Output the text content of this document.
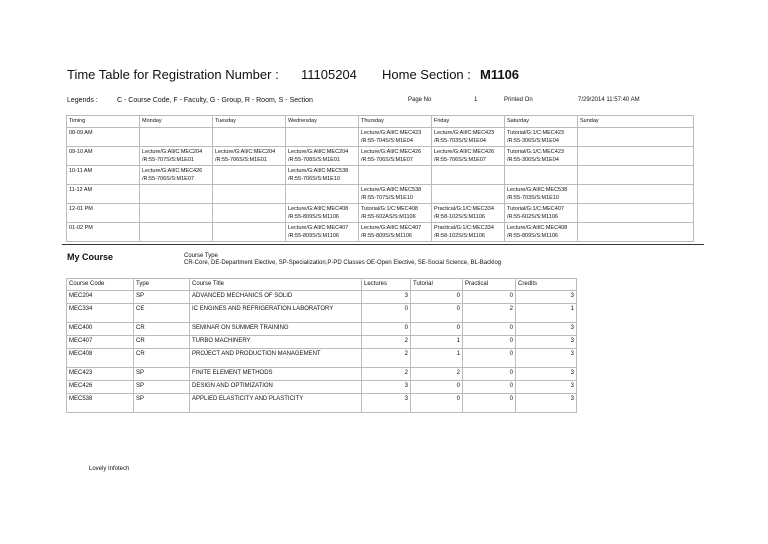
Time Table for Registration Number : 11105204 Home Section : M1106
Legends :	C - Course Code, F - Faculty, G - Group, R - Room, S - Section	Page No	1	Printed On	7/29/2014 11:57:40 AM
Timing	Monday	Tuesday	Wednesday	Thursday	Friday	Saturday	Sunday
08-09 AM				Lecture/G:All/C:MEC423 /R:55-704S/S:M1E04	Lecture/G:All/C:MEC423 /R:55-703S/S:M1E04	Tutorial/G:1/C:MEC423 /R:55-306S/S:M1E04	
09-10 AM	Lecture/G:All/C:MEC204 /R:55-707S/S:M1E01	Lecture/G:All/C:MEC204 /R:55-706S/S:M1E01	Lecture/G:All/C:MEC204 /R:55-708S/S:M1E01	Lecture/G:All/C:MEC426 /R:55-706S/S:M1E07	Lecture/G:All/C:MEC426 /R:55-706S/S:M1E07	Tutorial/G:1/C:MEC423 /R:55-306S/S:M1E04	
10-11 AM	Lecture/G:All/C:MEC426 /R:55-706S/S:M1E07		Lecture/G:All/C:MEC538 /R:55-706S/S:M1E10				
11-12 AM				Lecture/G:All/C:MEC538 /R:55-707S/S:M1E10		Lecture/G:All/C:MEC538 /R:55-703S/S:M1E10	
12-01 PM			Lecture/G:All/C:MEC408 /R:55-809S/S:M1106	Tutorial/G:1/C:MEC408 /R:55-602AS/S:M1106	Practical/G:1/C:MEC334 /R:58-102S/S:M1106	Tutorial/G:1/C:MEC407 /R:55-602S/S:M1106	
01-02 PM			Lecture/G:All/C:MEC407 /R:55-809S/S:M1106	Lecture/G:All/C:MEC407 /R:55-809S/S:M1106	Practical/G:1/C:MEC334 /R:58-102S/S:M1106	Lecture/G:All/C:MEC408 /R:55-809S/S:M1106	
My Course	Course Type
CR-Core, DE-Department Elective, SP-Specialization,P-PD Classes OE-Open Elective, SE-Social Science, BL-Backlog
Course Code	Type	Course Title	Lectures	Tutorial	Practical	Credits
MEC204	SP	ADVANCED MECHANICS OF SOLID	3	0	0	3
MEC334	CE	IC ENGINES AND REFRIGERATION LABORATORY	0	0	2	1
MEC400	CR	SEMINAR ON SUMMER TRAINING	0	0	0	3
MEC407	CR	TURBO MACHINERY	2	1	0	3
MEC408	CR	PROJECT AND PRODUCTION MANAGEMENT	2	1	0	3
MEC423	SP	FINITE ELEMENT METHODS	2	2	0	3
MEC426	SP	DESIGN AND OPTIMIZATION	3	0	0	3
MEC538	SP	APPLIED ELASTICITY AND PLASTICITY	3	0	0	3
Lovely Infotech
